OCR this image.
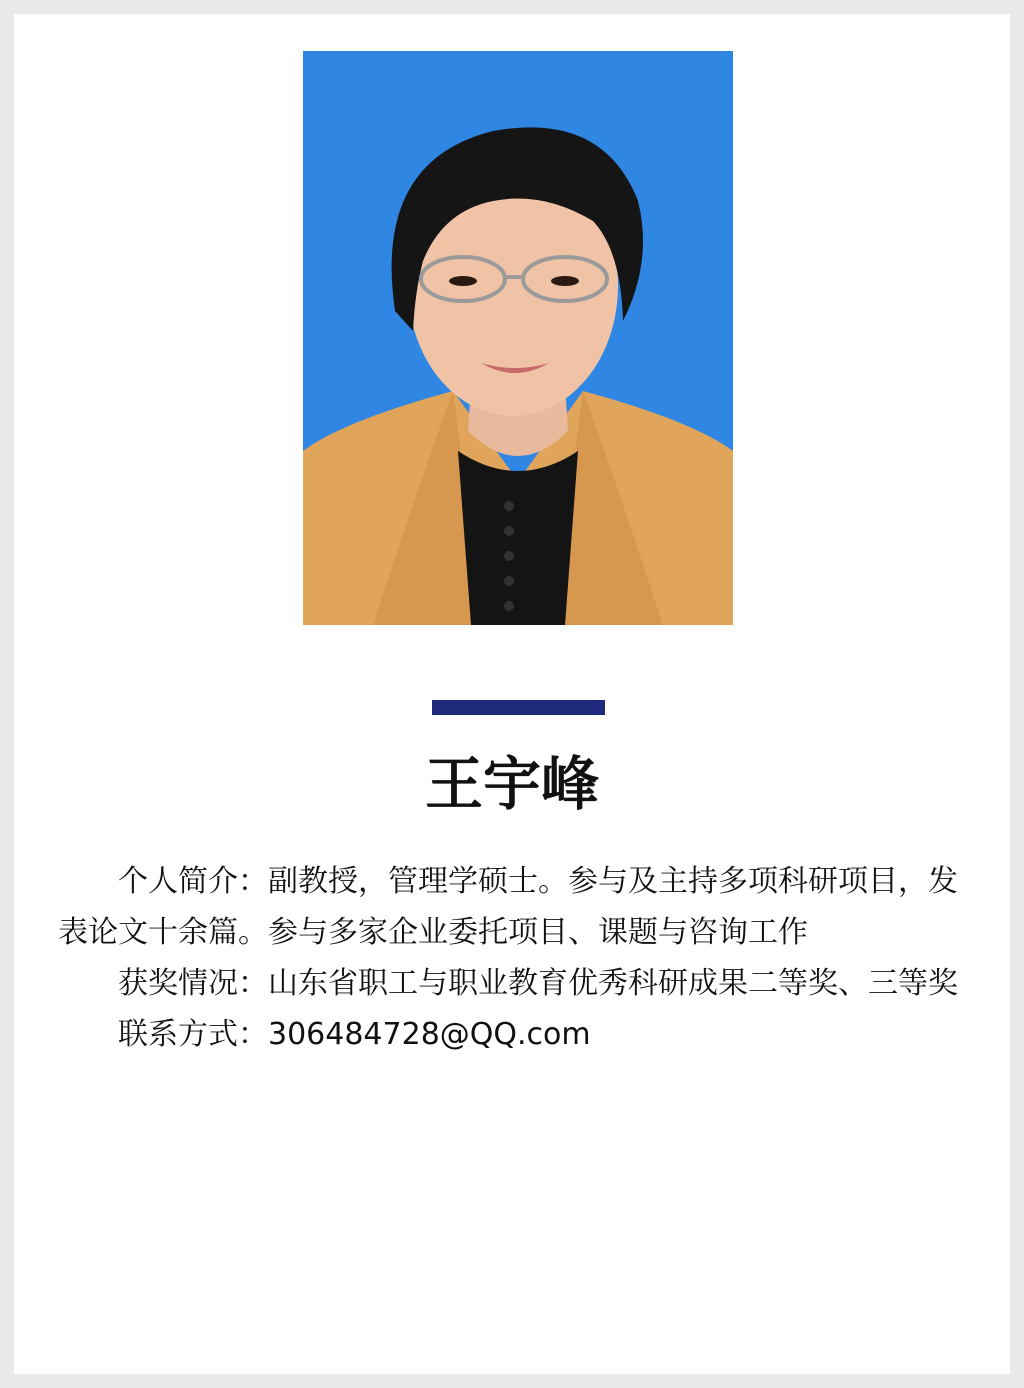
王宇峰

个人简介：副教授，管理学硕士。参与及主持多项科研项目，发表论文十余篇。参与多家企业委托项目、课题与咨询工作

获奖情况：山东省职工与职业教育优秀科研成果二等奖、三等奖

联系方式：306484728@QQ.com
